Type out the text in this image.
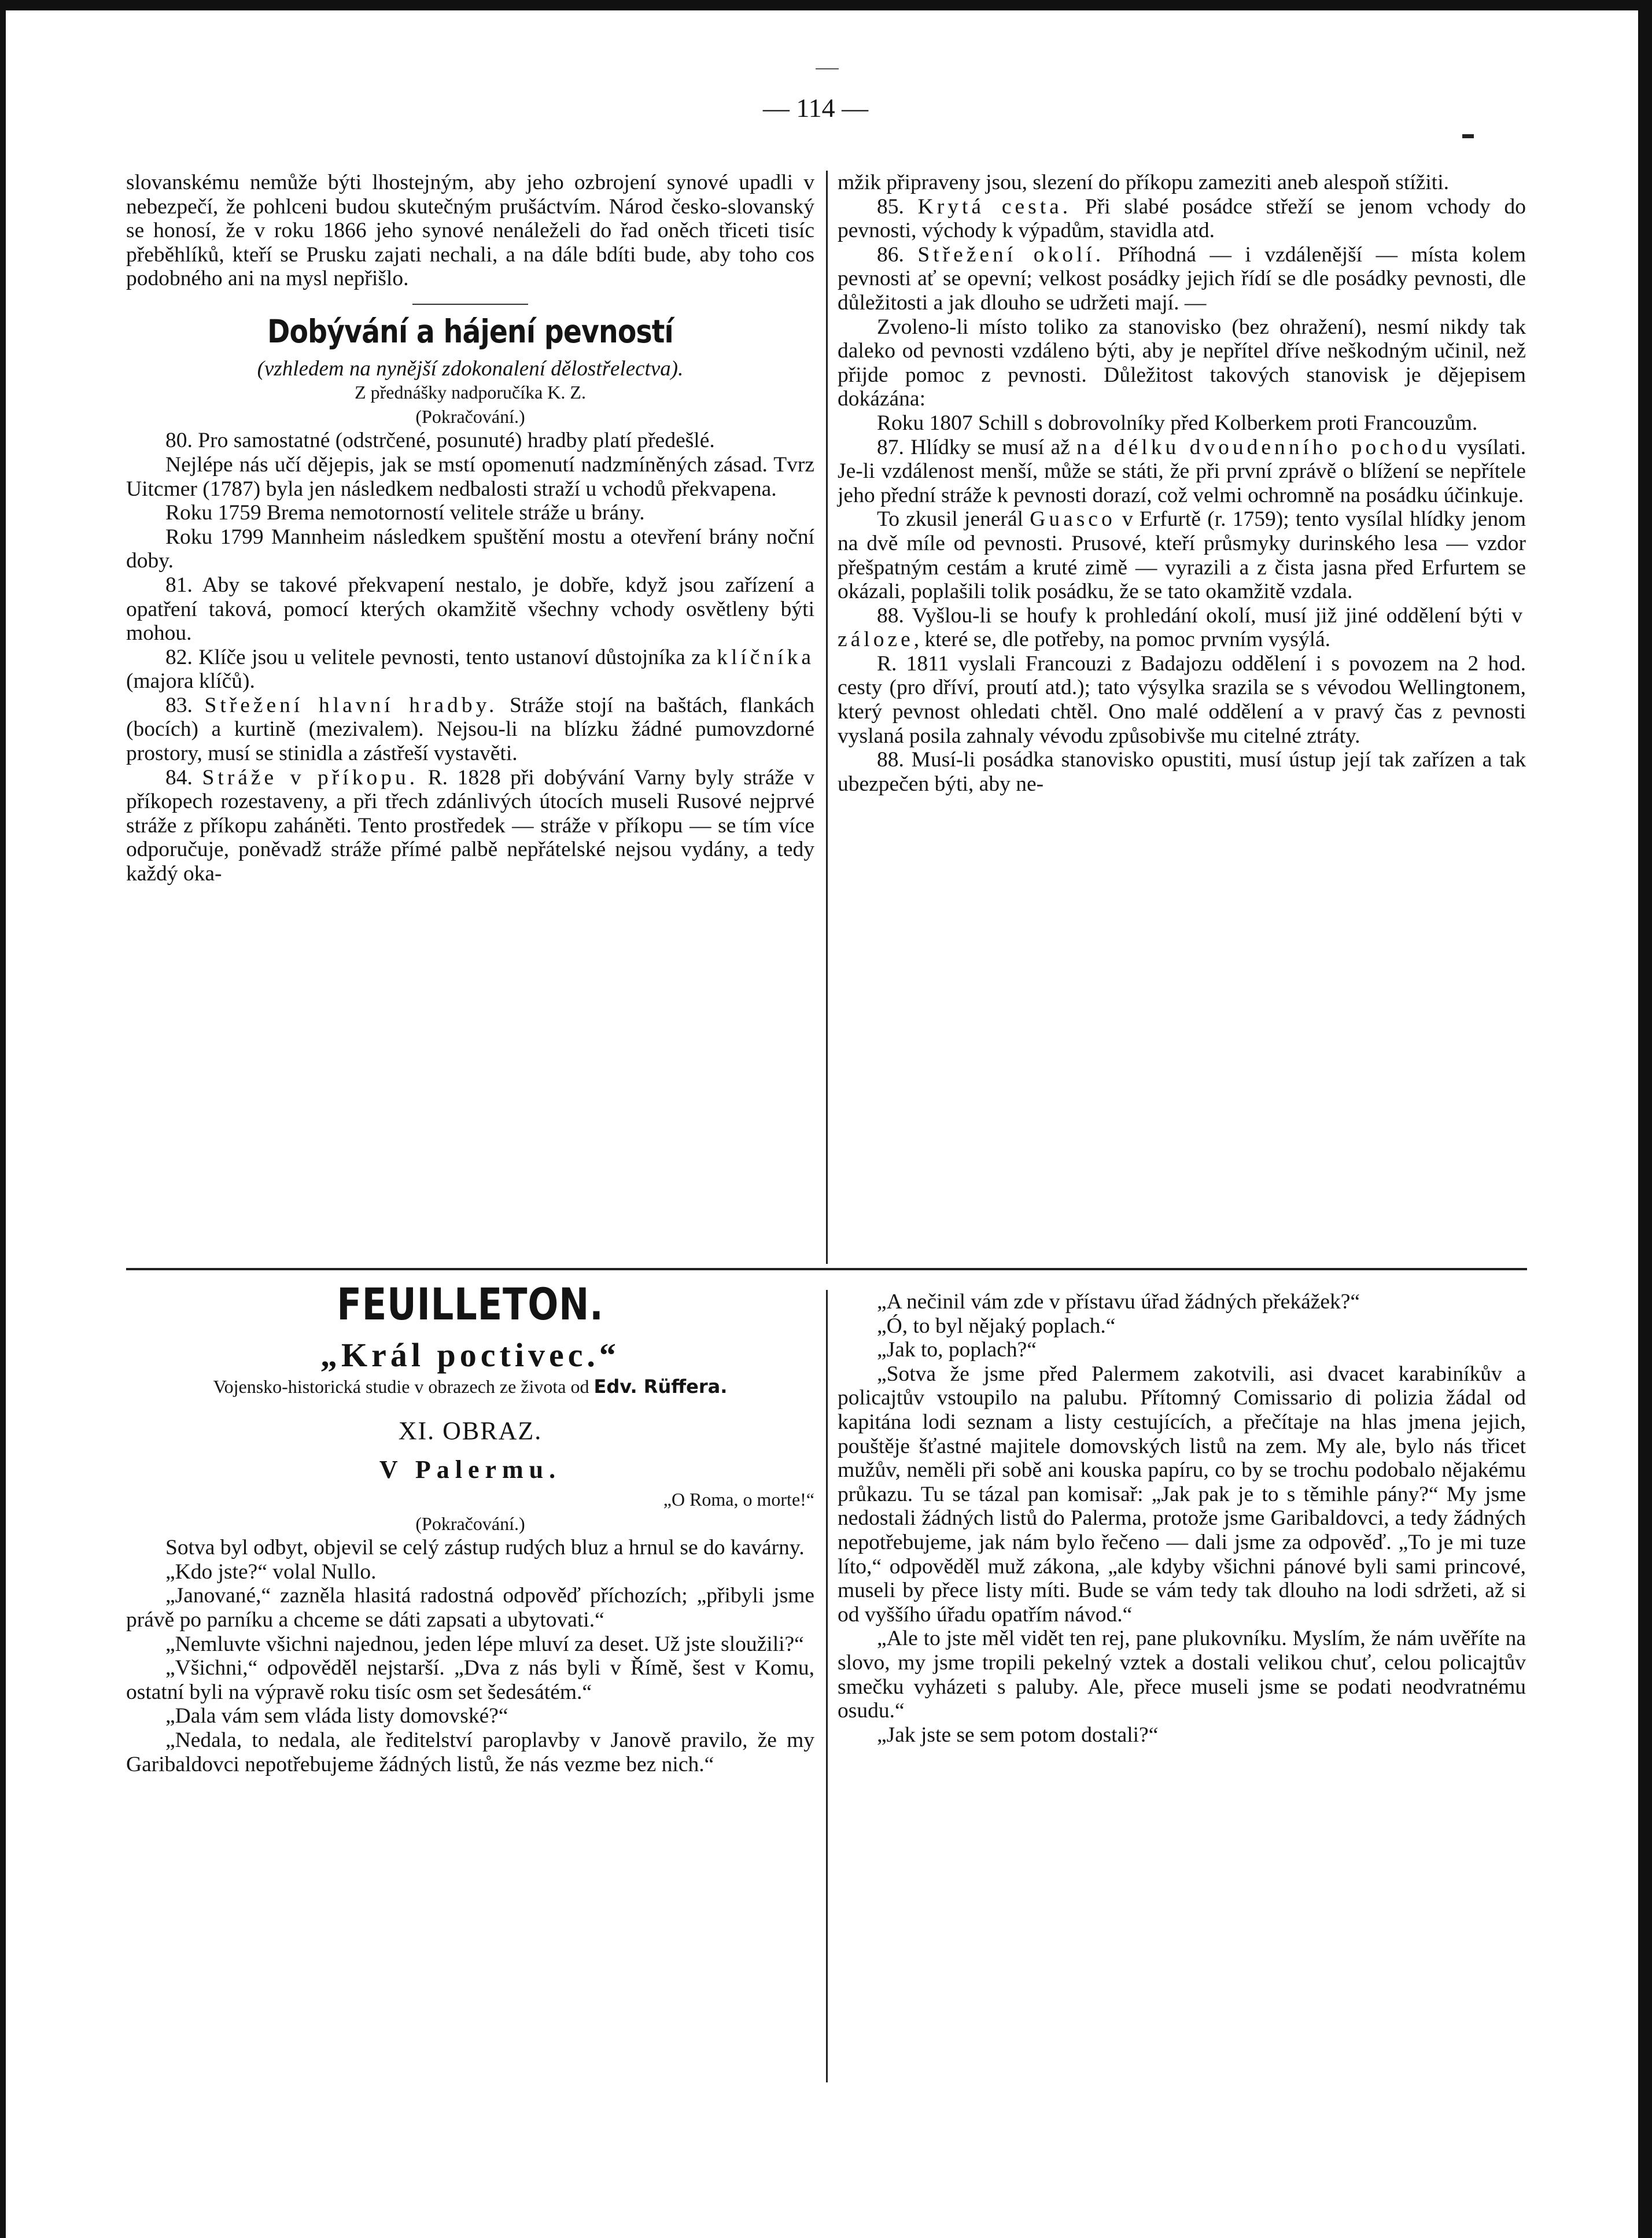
— 114 —

slovanskému nemůže býti lhostejným, aby jeho ozbrojení synové upadli v nebezpečí, že pohlceni budou skutečným prušáctvím. Národ česko-slovanský se honosí, že v roku 1866 jeho synové nenáleželi do řad oněch třiceti tisíc přeběhlíků, kteří se Prusku zajati nechali, a na dále bdíti bude, aby toho cos podobného ani na mysl nepřišlo.

Dobývání a hájení pevností

(vzhledem na nynější zdokonalení dělostřelectva).

Z přednášky nadporučíka K. Z.

(Pokračování.)

80. Pro samostatné (odstrčené, posunuté) hradby platí předešlé.

Nejlépe nás učí dějepis, jak se mstí opomenutí nadzmíněných zásad. Tvrz Uitcmer (1787) byla jen následkem nedbalosti straží u vchodů překvapena.

Roku 1759 Brema nemotorností velitele stráže u brány.

Roku 1799 Mannheim následkem spuštění mostu a otevření brány noční doby.

81. Aby se takové překvapení nestalo, je dobře, když jsou zařízení a opatření taková, pomocí kterých okamžitě všechny vchody osvětleny býti mohou.

82. Klíče jsou u velitele pevnosti, tento ustanoví důstojníka za klíčníka (majora klíčů).

83. Střežení hlavní hradby. Stráže stojí na baštách, flankách (bocích) a kurtině (mezivalem). Nejsou-li na blízku žádné pumovzdorné prostory, musí se stinidla a zástřeší vystavěti.

84. Stráže v příkopu. R. 1828 při dobývání Varny byly stráže v příkopech rozestaveny, a při třech zdánlivých útocích museli Rusové nejprvé stráže z příkopu zaháněti. Tento prostředek — stráže v příkopu — se tím více odporučuje, poněvadž stráže přímé palbě nepřátelské nejsou vydány, a tedy každý oka-

mžik připraveny jsou, slezení do příkopu zameziti aneb alespoň stížiti.

85. Krytá cesta. Při slabé posádce střeží se jenom vchody do pevnosti, východy k výpadům, stavidla atd.

86. Střežení okolí. Příhodná — i vzdálenější — místa kolem pevnosti ať se opevní; velkost posádky jejich řídí se dle posádky pevnosti, dle důležitosti a jak dlouho se udržeti mají. —

Zvoleno-li místo toliko za stanovisko (bez ohražení), nesmí nikdy tak daleko od pevnosti vzdáleno býti, aby je nepřítel dříve neškodným učinil, než přijde pomoc z pevnosti. Důležitost takových stanovisk je dějepisem dokázána:

Roku 1807 Schill s dobrovolníky před Kolberkem proti Francouzům.

87. Hlídky se musí až na délku dvoudenního pochodu vysílati. Je-li vzdálenost menší, může se státi, že při první zprávě o blížení se nepřítele jeho přední stráže k pevnosti dorazí, což velmi ochromně na posádku účinkuje.

To zkusil jenerál Guasco v Erfurtě (r. 1759); tento vysílal hlídky jenom na dvě míle od pevnosti. Prusové, kteří průsmyky durinského lesa — vzdor přešpatným cestám a kruté zimě — vyrazili a z čista jasna před Erfurtem se okázali, poplašili tolik posádku, že se tato okamžitě vzdala.

88. Vyšlou-li se houfy k prohledání okolí, musí již jiné oddělení býti v záloze, které se, dle potřeby, na pomoc prvním vysýlá.

R. 1811 vyslali Francouzi z Badajozu oddělení i s povozem na 2 hod. cesty (pro dříví, proutí atd.); tato výsylka srazila se s vévodou Wellingtonem, který pevnost ohledati chtěl. Ono malé oddělení a v pravý čas z pevnosti vyslaná posila zahnaly vévodu způsobivše mu citelné ztráty.

88. Musí-li posádka stanovisko opustiti, musí ústup její tak zařízen a tak ubezpečen býti, aby ne-

FEUILLETON.
„Král poctivec.“

Vojensko-historická studie v obrazech ze života od Edv. Rüffera.

XI. OBRAZ.
V Palermu.

„O Roma, o morte!“

(Pokračování.)

Sotva byl odbyt, objevil se celý zástup rudých bluz a hrnul se do kavárny.

„Kdo jste?“ volal Nullo.

„Janované,“ zazněla hlasitá radostná odpověď příchozích; „přibyli jsme právě po parníku a chceme se dáti zapsati a ubytovati.“

„Nemluvte všichni najednou, jeden lépe mluví za deset. Už jste sloužili?“

„Všichni,“ odpověděl nejstarší. „Dva z nás byli v Římě, šest v Komu, ostatní byli na výpravě roku tisíc osm set šedesátém.“

„Dala vám sem vláda listy domovské?“

„Nedala, to nedala, ale ředitelství paroplavby v Janově pravilo, že my Garibaldovci nepotřebujeme žádných listů, že nás vezme bez nich.“

„A nečinil vám zde v přístavu úřad žádných překážek?“

„Ó, to byl nějaký poplach.“

„Jak to, poplach?“

„Sotva že jsme před Palermem zakotvili, asi dvacet karabiníkův a policajtův vstoupilo na palubu. Přítomný Comissario di polizia žádal od kapitána lodi seznam a listy cestujících, a přečítaje na hlas jmena jejich, pouštěje šťastné majitele domovských listů na zem. My ale, bylo nás třicet mužův, neměli při sobě ani kouska papíru, co by se trochu podobalo nějakému průkazu. Tu se tázal pan komisař: „Jak pak je to s těmihle pány?“ My jsme nedostali žádných listů do Palerma, protože jsme Garibaldovci, a tedy žádných nepotřebujeme, jak nám bylo řečeno — dali jsme za odpověď. „To je mi tuze líto,“ odpověděl muž zákona, „ale kdyby všichni pánové byli sami princové, museli by přece listy míti. Bude se vám tedy tak dlouho na lodi sdržeti, až si od vyššího úřadu opatřím návod.“

„Ale to jste měl vidět ten rej, pane plukovníku. Myslím, že nám uvěříte na slovo, my jsme tropili pekelný vztek a dostali velikou chuť, celou policajtův smečku vyházeti s paluby. Ale, přece museli jsme se podati neodvratnému osudu.“

„Jak jste se sem potom dostali?“
